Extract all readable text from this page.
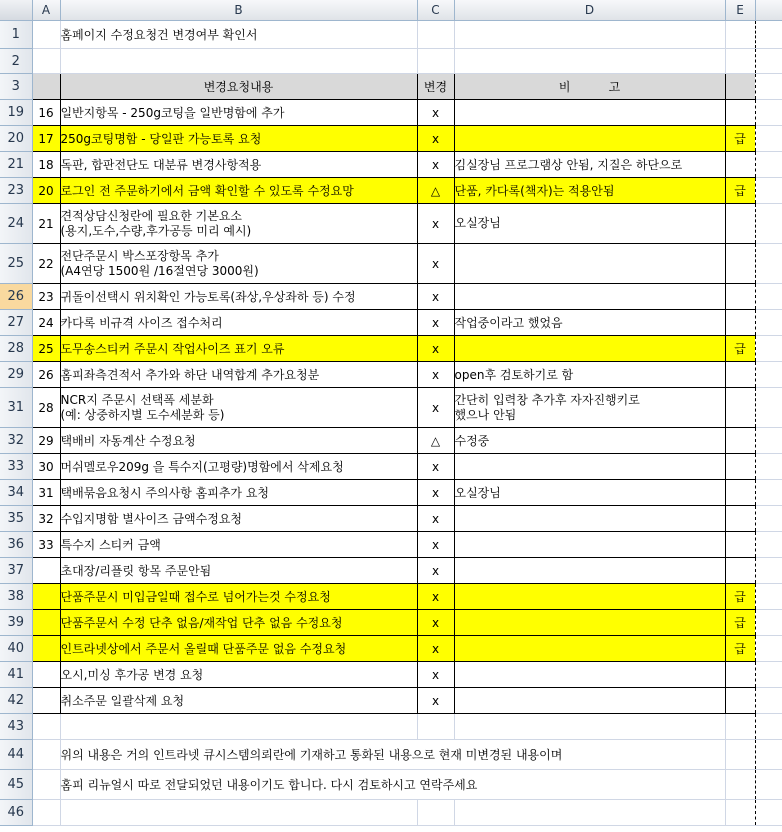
	A	B	C	D	E	
1		홈페이지 수정요청건 변경여부 확인서				
2						
3		변경요청내용	변경	비          고		
19	16	일반지항목 - 250g코팅을 일반명함에 추가	x			
20	17	250g코팅명함 - 당일판 가능토록 요청	x		급	
21	18	독판, 합판전단도 대분류 변경사항적용	x	김실장님 프로그램상 안됨, 지질은 하단으로		
23	20	로그인 전 주문하기에서 금액 확인할 수 있도록 수정요망	△	단품, 카다록(책자)는 적용안됨	급	
24	21	견적상담신청란에 필요한 기본요소
(용지,도수,수량,후가공등 미리 예시)	x	오실장님		
25	22	전단주문시 박스포장항목 추가
(A4연당 1500원 /16절연당 3000원)	x			
26	23	귀돌이선택시 위치확인 가능토록(좌상,우상좌하 등) 수정	x			
27	24	카다록 비규격 사이즈 접수처리	x	작업중이라고 했었음		
28	25	도무송스티커 주문시 작업사이즈 표기 오류	x		급	
29	26	홈피좌측견적서 추가와 하단 내역합계 추가요청분	x	open후 검토하기로 함		
31	28	NCR지 주문시 선택폭 세분화
(예: 상중하지별 도수세분화 등)	x	간단히 입력창 추가후 자자진행키로
했으나 안됨		
32	29	택배비 자동계산 수정요청	△	수정중		
33	30	머쉬멜로우209g 을 특수지(고평량)명함에서 삭제요청	x			
34	31	택배묶음요청시 주의사항 홈피추가 요청	x	오실장님		
35	32	수입지명함 별사이즈 금액수정요청	x			
36	33	특수지 스티커 금액	x			
37		초대장/리플릿 항목 주문안됨	x			
38		단품주문시 미입금일때 접수로 넘어가는것 수정요청	x		급	
39		단품주문서 수정 단추 없음/재작업 단추 없음 수정요청	x		급	
40		인트라넷상에서 주문서 올릴때 단품주문 없음 수정요청	x		급	
41		오시,미싱 후가공 변경 요청	x			
42		취소주문 일괄삭제 요청	x			
43						
44		위의 내용은 거의 인트라넷 큐시스템의뢰란에 기재하고 통화된 내용으로 현재 미변경된 내용이며				
45		홈피 리뉴얼시 따로 전달되었던 내용이기도 합니다. 다시 검토하시고 연락주세요				
46						
